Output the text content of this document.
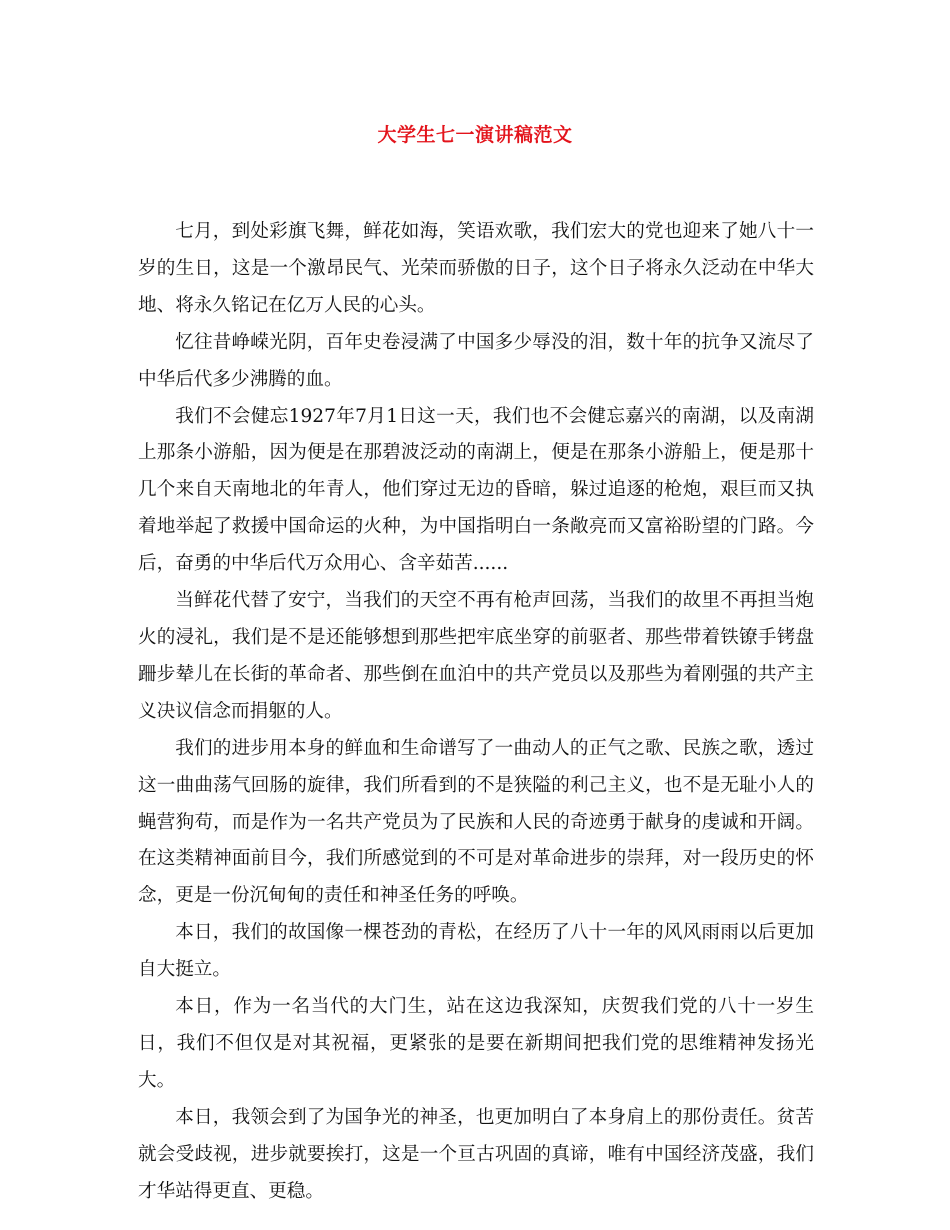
大学生七一演讲稿范文

七月，到处彩旗飞舞，鲜花如海，笑语欢歌，我们宏大的党也迎来了她八十一岁的生日，这是一个激昂民气、光荣而骄傲的日子，这个日子将永久泛动在中华大地、将永久铭记在亿万人民的心头。

忆往昔峥嵘光阴，百年史卷浸满了中国多少辱没的泪，数十年的抗争又流尽了中华后代多少沸腾的血。

我们不会健忘1927年7月1日这一天，我们也不会健忘嘉兴的南湖，以及南湖上那条小游船，因为便是在那碧波泛动的南湖上，便是在那条小游船上，便是那十几个来自天南地北的年青人，他们穿过无边的昏暗，躲过追逐的枪炮，艰巨而又执着地举起了救援中国命运的火种，为中国指明白一条敞亮而又富裕盼望的门路。今后，奋勇的中华后代万众用心、含辛茹苦......

当鲜花代替了安宁，当我们的天空不再有枪声回荡，当我们的故里不再担当炮火的浸礼，我们是不是还能够想到那些把牢底坐穿的前驱者、那些带着铁镣手铐盘跚步辇儿在长街的革命者、那些倒在血泊中的共产党员以及那些为着刚强的共产主义决议信念而捐躯的人。

我们的进步用本身的鲜血和生命谱写了一曲动人的正气之歌、民族之歌，透过这一曲曲荡气回肠的旋律，我们所看到的不是狭隘的利己主义，也不是无耻小人的蝇营狗苟，而是作为一名共产党员为了民族和人民的奇迹勇于献身的虔诚和开阔。在这类精神面前目今，我们所感觉到的不可是对革命进步的崇拜，对一段历史的怀念，更是一份沉甸甸的责任和神圣任务的呼唤。

本日，我们的故国像一棵苍劲的青松，在经历了八十一年的风风雨雨以后更加自大挺立。

本日，作为一名当代的大门生，站在这边我深知，庆贺我们党的八十一岁生日，我们不但仅是对其祝福，更紧张的是要在新期间把我们党的思维精神发扬光大。

本日，我领会到了为国争光的神圣，也更加明白了本身肩上的那份责任。贫苦就会受歧视，进步就要挨打，这是一个亘古巩固的真谛，唯有中国经济茂盛，我们才华站得更直、更稳。
